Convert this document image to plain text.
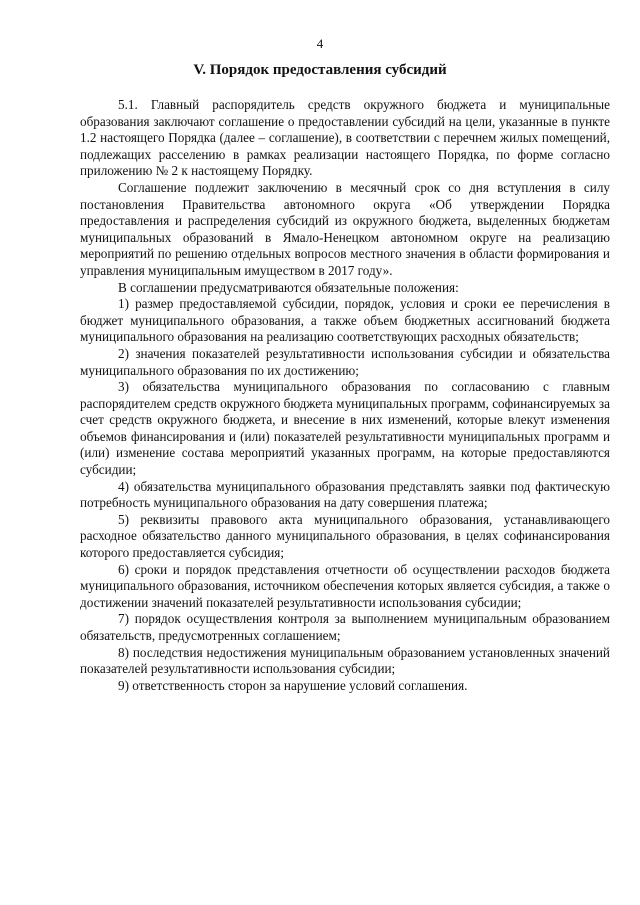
4
V. Порядок предоставления субсидий

5.1. Главный распорядитель средств окружного бюджета и муниципальные образования заключают соглашение о предоставлении субсидий на цели, указанные в пункте 1.2 настоящего Порядка (далее – соглашение), в соответствии с перечнем жилых помещений, подлежащих расселению в рамках реализации настоящего Порядка, по форме согласно приложению № 2 к настоящему Порядку.

Соглашение подлежит заключению в месячный срок со дня вступления в силу постановления Правительства автономного округа «Об утверждении Порядка предоставления и распределения субсидий из окружного бюджета, выделенных бюджетам муниципальных образований в Ямало-Ненецком автономном округе на реализацию мероприятий по решению отдельных вопросов местного значения в области формирования и управления муниципальным имуществом в 2017 году».

В соглашении предусматриваются обязательные положения:

1) размер предоставляемой субсидии, порядок, условия и сроки ее перечисления в бюджет муниципального образования, а также объем бюджетных ассигнований бюджета муниципального образования на реализацию соответствующих расходных обязательств;

2) значения показателей результативности использования субсидии и обязательства муниципального образования по их достижению;

3) обязательства муниципального образования по согласованию с главным распорядителем средств окружного бюджета муниципальных программ, софинансируемых за счет средств окружного бюджета, и внесение в них изменений, которые влекут изменения объемов финансирования и (или) показателей результативности муниципальных программ и (или) изменение состава мероприятий указанных программ, на которые предоставляются субсидии;

4) обязательства муниципального образования представлять заявки под фактическую потребность муниципального образования на дату совершения платежа;

5) реквизиты правового акта муниципального образования, устанавливающего расходное обязательство данного муниципального образования, в целях софинансирования которого предоставляется субсидия;

6) сроки и порядок представления отчетности об осуществлении расходов бюджета муниципального образования, источником обеспечения которых является субсидия, а также о достижении значений показателей результативности использования субсидии;

7) порядок осуществления контроля за выполнением муниципальным образованием обязательств, предусмотренных соглашением;

8) последствия недостижения муниципальным образованием установленных значений показателей результативности использования субсидии;

9) ответственность сторон за нарушение условий соглашения.
